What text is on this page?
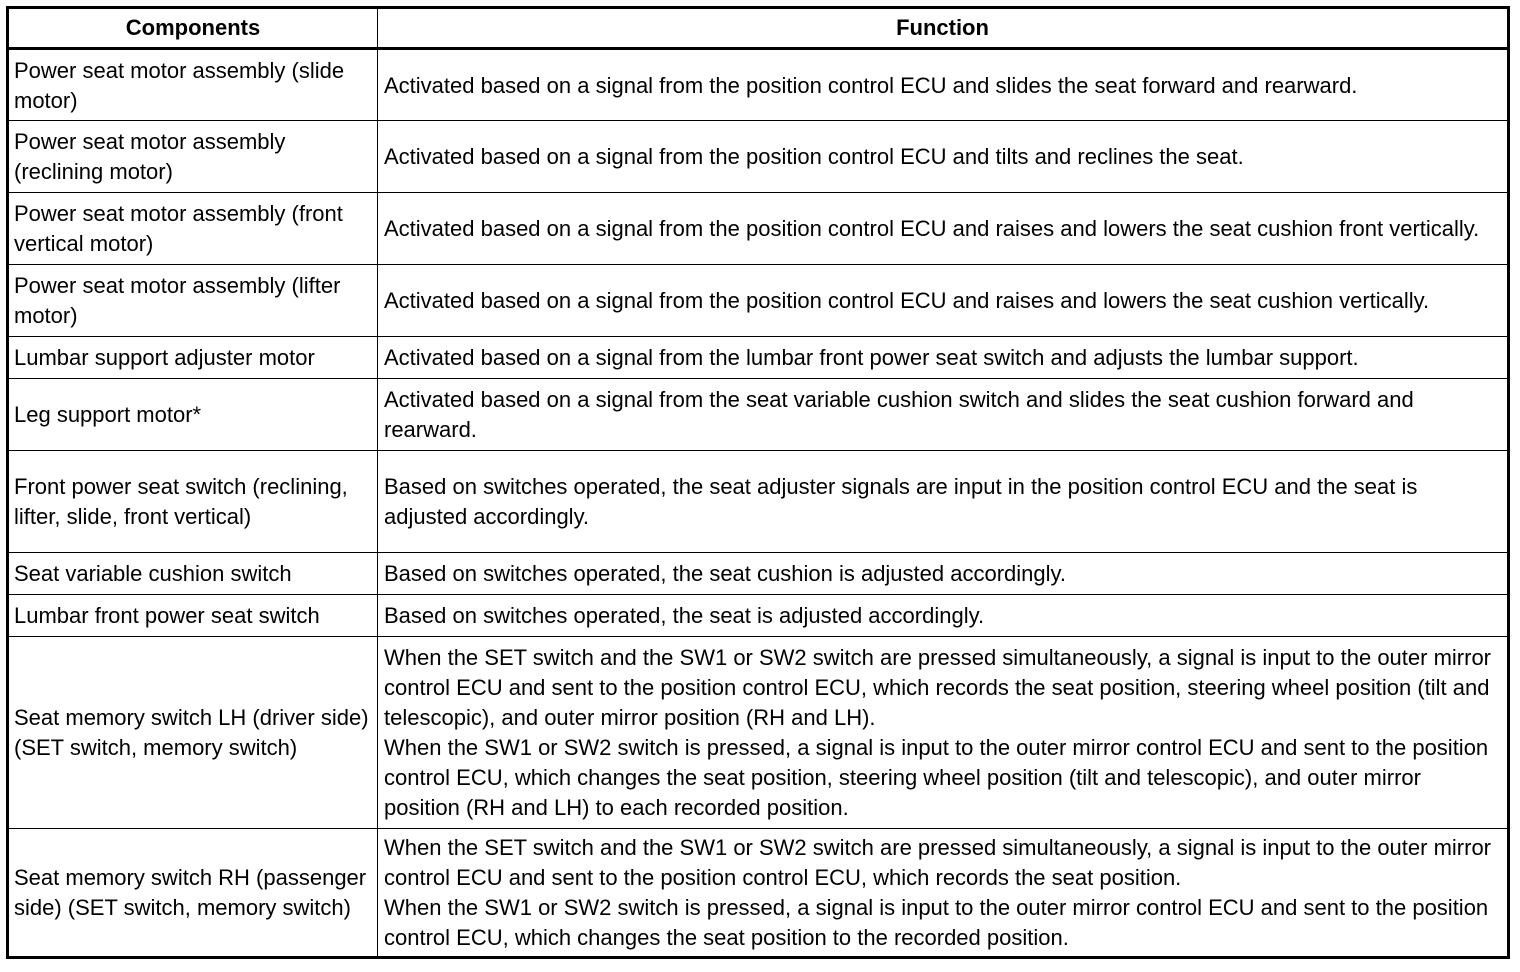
Components	Function
Power seat motor assembly (slide motor)	Activated based on a signal from the position control ECU and slides the seat forward and rearward.

Power seat motor assembly (reclining motor)	Activated based on a signal from the position control ECU and tilts and reclines the seat.

Power seat motor assembly (front vertical motor)	Activated based on a signal from the position control ECU and raises and lowers the seat cushion front vertically.

Power seat motor assembly (lifter motor)	Activated based on a signal from the position control ECU and raises and lowers the seat cushion vertically.

Lumbar support adjuster motor	Activated based on a signal from the lumbar front power seat switch and adjusts the lumbar support.

Leg support motor*	Activated based on a signal from the seat variable cushion switch and slides the seat cushion forward and rearward.

Front power seat switch (reclining, lifter, slide, front vertical)	Based on switches operated, the seat adjuster signals are input in the position control ECU and the seat is adjusted accordingly.

Seat variable cushion switch	Based on switches operated, the seat cushion is adjusted accordingly.

Lumbar front power seat switch	Based on switches operated, the seat is adjusted accordingly.

Seat memory switch LH (driver side) (SET switch, memory switch)	When the SET switch and the SW1 or SW2 switch are pressed simultaneously, a signal is input to the outer mirror control ECU and sent to the position control ECU, which records the seat position, steering wheel position (tilt and telescopic), and outer mirror position (RH and LH).
When the SW1 or SW2 switch is pressed, a signal is input to the outer mirror control ECU and sent to the position control ECU, which changes the seat position, steering wheel position (tilt and telescopic), and outer mirror position (RH and LH) to each recorded position.

Seat memory switch RH (passenger side) (SET switch, memory switch)	When the SET switch and the SW1 or SW2 switch are pressed simultaneously, a signal is input to the outer mirror control ECU and sent to the position control ECU, which records the seat position.
When the SW1 or SW2 switch is pressed, a signal is input to the outer mirror control ECU and sent to the position control ECU, which changes the seat position to the recorded position.
